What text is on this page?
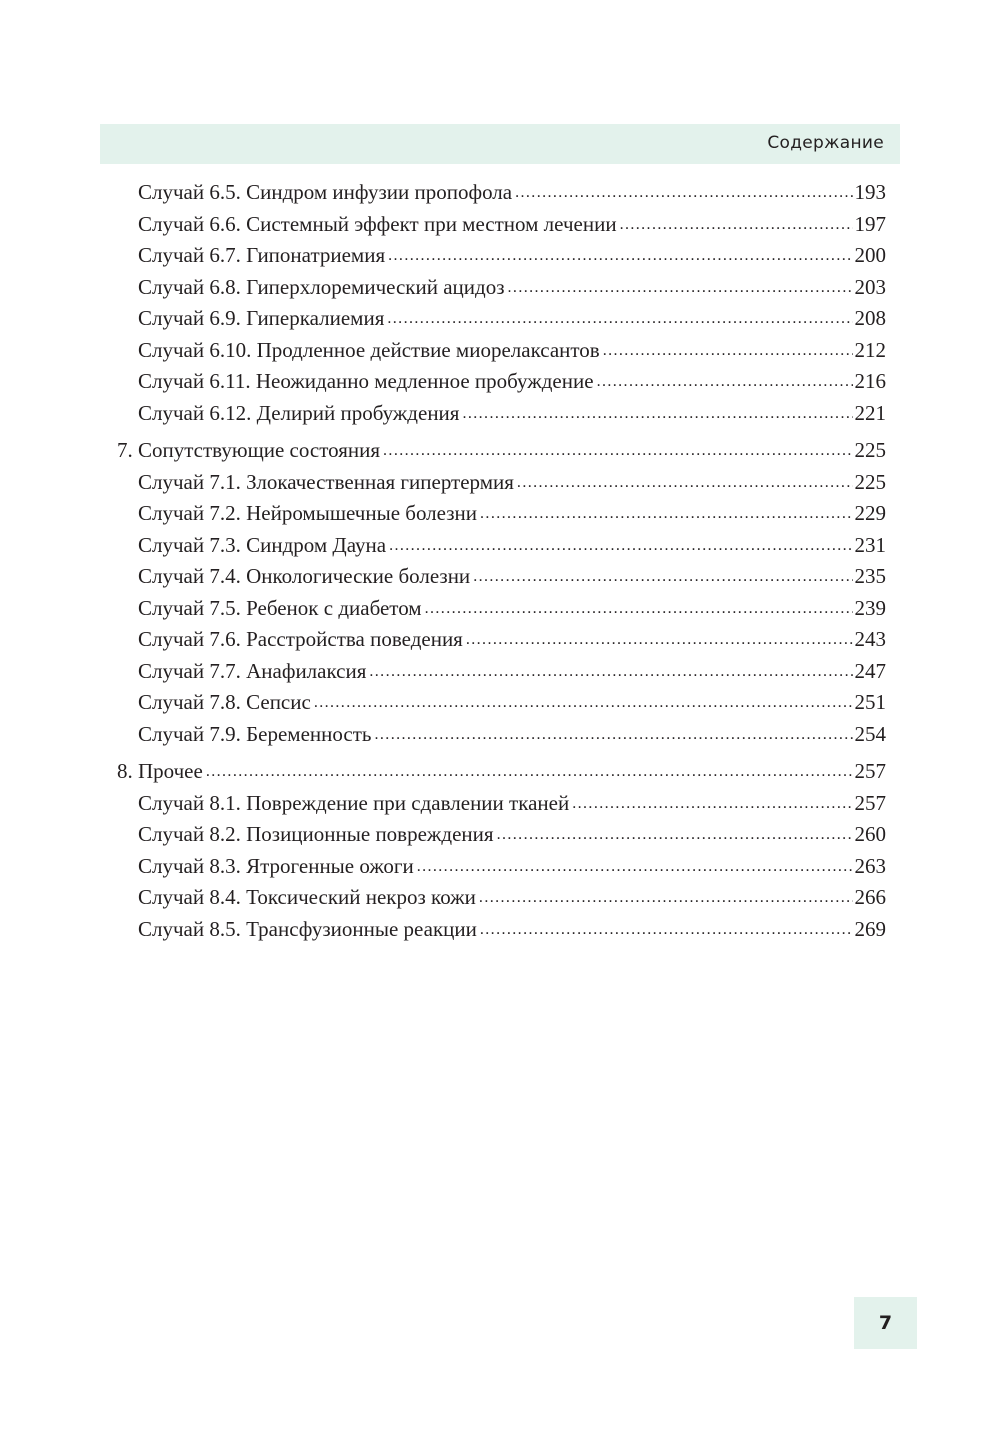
Содержание
Случай 6.5. Синдром инфузии пропофола .....	193
Случай 6.6. Системный эффект при местном лечении .....	197
Случай 6.7. Гипонатриемия .....	200
Случай 6.8. Гиперхлоремический ацидоз .....	203
Случай 6.9. Гиперкалиемия .....	208
Случай 6.10. Продленное действие миорелаксантов .....	212
Случай 6.11. Неожиданно медленное пробуждение .....	216
Случай 6.12. Делирий пробуждения .....	221
7. Сопутствующие состояния .....	225
Случай 7.1. Злокачественная гипертермия .....	225
Случай 7.2. Нейромышечные болезни .....	229
Случай 7.3. Синдром Дауна .....	231
Случай 7.4. Онкологические болезни .....	235
Случай 7.5. Ребенок с диабетом .....	239
Случай 7.6. Расстройства поведения .....	243
Случай 7.7. Анафилаксия .....	247
Случай 7.8. Сепсис .....	251
Случай 7.9. Беременность .....	254
8. Прочее .....	257
Случай 8.1. Повреждение при сдавлении тканей .....	257
Случай 8.2. Позиционные повреждения .....	260
Случай 8.3. Ятрогенные ожоги .....	263
Случай 8.4. Токсический некроз кожи .....	266
Случай 8.5. Трансфузионные реакции .....	269
7
